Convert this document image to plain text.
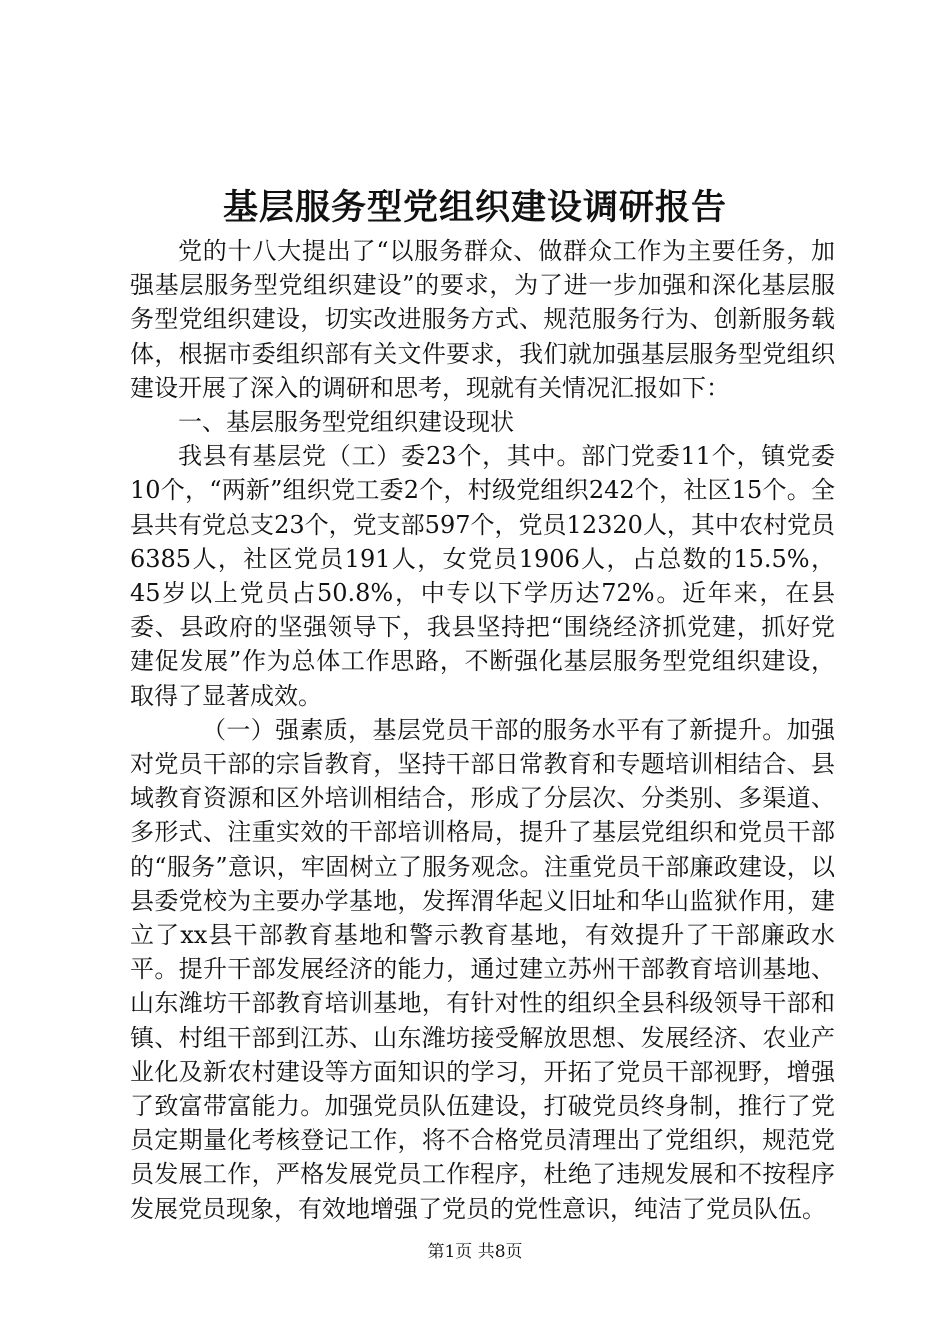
基层服务型党组织建设调研报告

党的十八大提出了“以服务群众、做群众工作为主要任务，加强基层服务型党组织建设”的要求，为了进一步加强和深化基层服务型党组织建设，切实改进服务方式、规范服务行为、创新服务载体，根据市委组织部有关文件要求，我们就加强基层服务型党组织建设开展了深入的调研和思考，现就有关情况汇报如下：

一、基层服务型党组织建设现状

我县有基层党（工）委23个，其中。部门党委11个，镇党委10个，“两新”组织党工委2个，村级党组织242个，社区15个。全县共有党总支23个，党支部597个，党员12320人，其中农村党员6385人，社区党员191人，女党员1906人，占总数的15.5%，45岁以上党员占50.8%，中专以下学历达72%。近年来，在县委、县政府的坚强领导下，我县坚持把“围绕经济抓党建，抓好党建促发展”作为总体工作思路，不断强化基层服务型党组织建设，取得了显著成效。

（一）强素质，基层党员干部的服务水平有了新提升。加强对党员干部的宗旨教育，坚持干部日常教育和专题培训相结合、县域教育资源和区外培训相结合，形成了分层次、分类别、多渠道、多形式、注重实效的干部培训格局，提升了基层党组织和党员干部的“服务”意识，牢固树立了服务观念。注重党员干部廉政建设，以县委党校为主要办学基地，发挥渭华起义旧址和华山监狱作用，建立了xx县干部教育基地和警示教育基地，有效提升了干部廉政水平。提升干部发展经济的能力，通过建立苏州干部教育培训基地、山东潍坊干部教育培训基地，有针对性的组织全县科级领导干部和镇、村组干部到江苏、山东潍坊接受解放思想、发展经济、农业产业化及新农村建设等方面知识的学习，开拓了党员干部视野，增强了致富带富能力。加强党员队伍建设，打破党员终身制，推行了党员定期量化考核登记工作，将不合格党员清理出了党组织，规范党员发展工作，严格发展党员工作程序，杜绝了违规发展和不按程序发展党员现象，有效地增强了党员的党性意识，纯洁了党员队伍。

第1页 共8页
